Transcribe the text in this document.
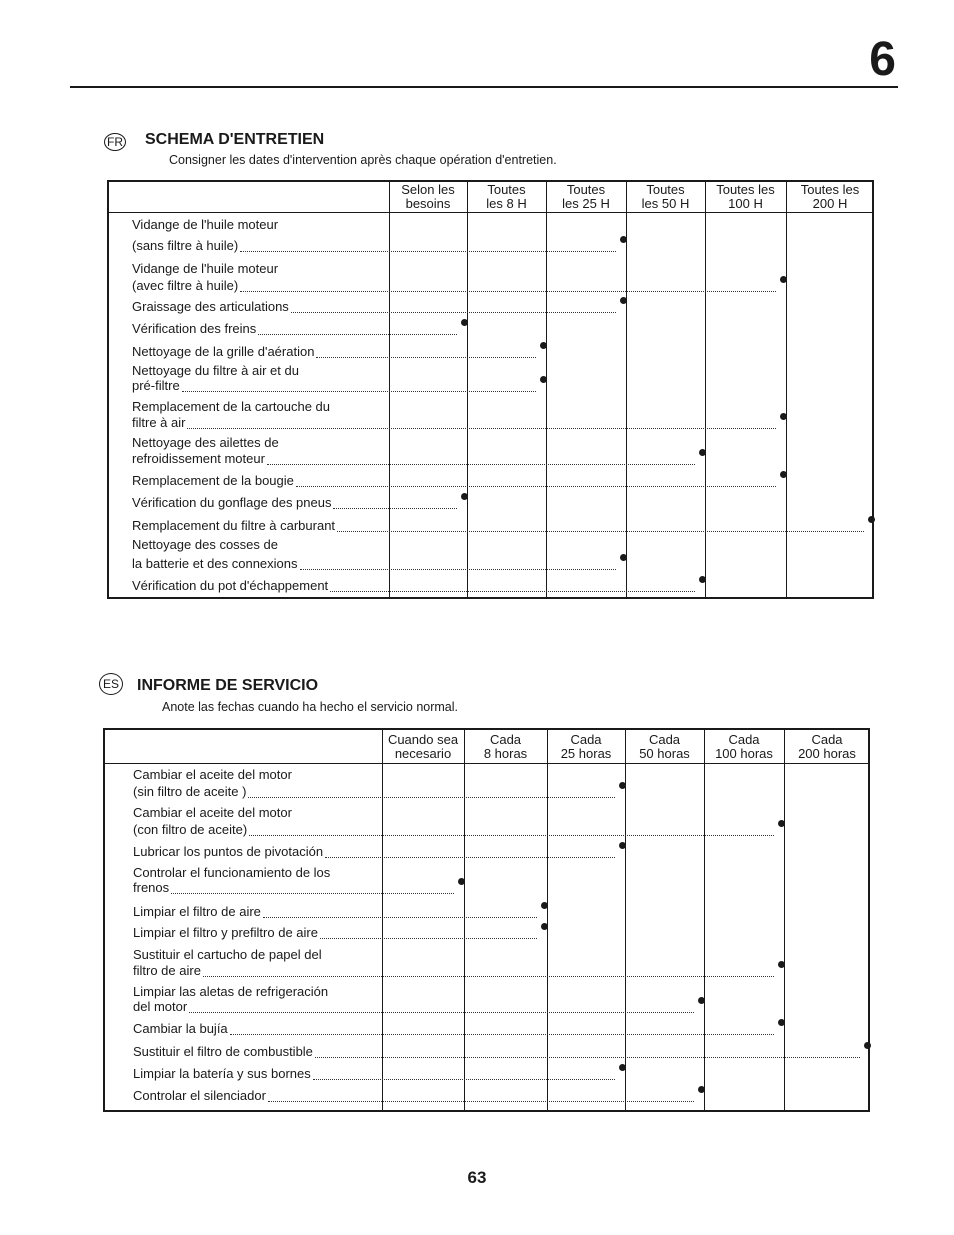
6
FR SCHEMA D'ENTRETIEN
Consigner les dates d'intervention après chaque opération d'entretien.
Selon les
besoins
Toutes
les 8 H
Toutes
les 25 H
Toutes
les 50 H
Toutes les
100 H
Toutes les
200 H
Vidange de l'huile moteur
(sans filtre à huile)
Vidange de l'huile moteur
(avec filtre à huile)
Graissage des articulations
Vérification des freins
Nettoyage de la grille d'aération
Nettoyage du filtre à air et du
pré-filtre
Remplacement de la cartouche du
filtre à air
Nettoyage des ailettes de
refroidissement moteur
Remplacement de la bougie
Vérification du gonflage des pneus
Remplacement du filtre à carburant
Nettoyage des cosses de
la batterie et des connexions
Vérification du pot d'échappement
ES INFORME DE SERVICIO
Anote las fechas cuando ha hecho el servicio normal.
Cuando sea
necesario
Cada
8 horas
Cada
25 horas
Cada
50 horas
Cada
100 horas
Cada
200 horas
Cambiar el aceite del motor
(sin filtro de aceite )
Cambiar el aceite del motor
(con filtro de aceite)
Lubricar los puntos de pivotación
Controlar el funcionamiento de los
frenos
Limpiar el filtro de aire
Limpiar el filtro y prefiltro de aire
Sustituir el cartucho de papel del
filtro de aire
Limpiar las aletas de refrigeración
del motor
Cambiar la bujía
Sustituir el filtro de combustible
Limpiar la batería y sus bornes
Controlar el silenciador
63
